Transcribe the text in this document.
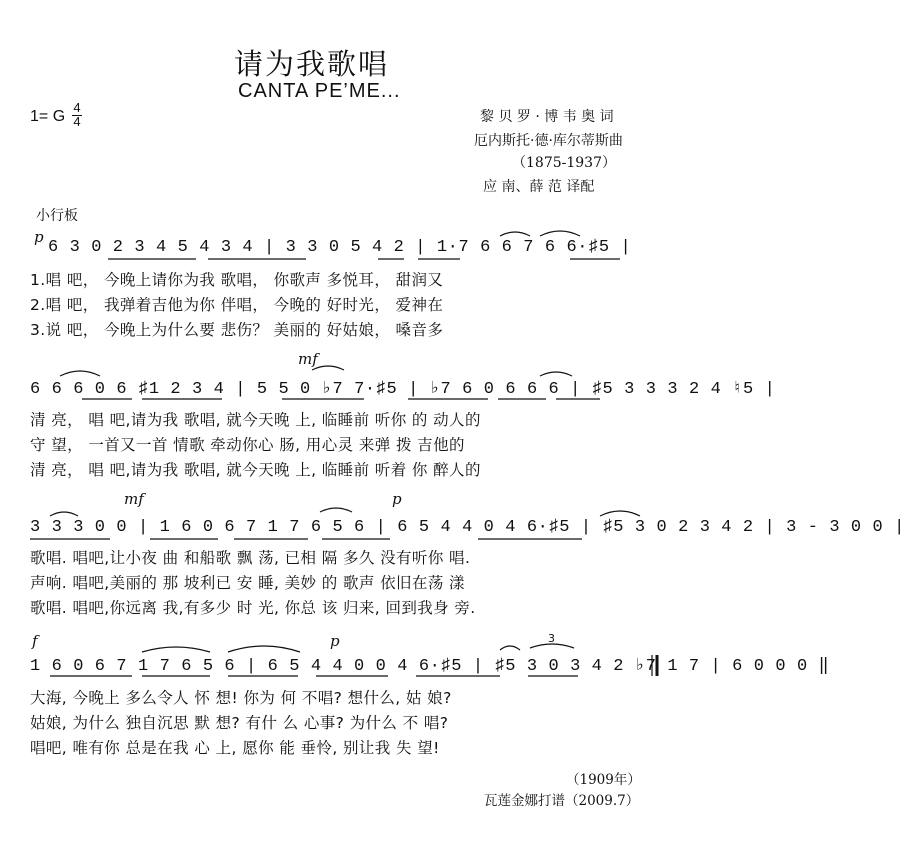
请为我歌唱
CANTA PE’ME...
1= G
4
4	黎 贝 罗 · 博 韦 奥 词
厄内斯托·德·库尔蒂斯曲
（1875-1937）
应 南、薛 范 译配
小行板
p
6 3 0 2 3 4 5 4 3 4 | 3 3 0 5 4 2 | 1·7 6 6 7 6 6·♯5 |
1.唱 吧， 今晚上请你为我 歌唱， 你歌声 多悦耳， 甜润又
2.唱 吧， 我弹着吉他为你 伴唱， 今晚的 好时光， 爱神在
3.说 吧， 今晚上为什么要 悲伤？ 美丽的 好姑娘， 嗓音多
mf
6 6 6 0 6 ♯1 2 3 4 | 5 5 0 ♭7 7·♯5 | ♭7 6 0 6 6 6 | ♯5 3 3 3 2 4 ♮5 |
清 亮， 唱 吧,请为我 歌唱, 就今天晚 上, 临睡前 听你 的 动人的
守 望， 一首又一首 情歌 牵动你心 肠, 用心灵 来弹 拨 吉他的
清 亮， 唱 吧,请为我 歌唱, 就今天晚 上, 临睡前 听着 你 醉人的
mf	p
3 3 3 0 0 | 1 6 0 6 7 1 7 6 5 6 | 6 5 4 4 0 4 6·♯5 | ♯5 3 0 2 3 4 2 | 3 - 3 0 0 |
歌唱. 唱吧,让小夜 曲 和船歌 飘 荡, 已相 隔 多久 没有听你 唱.
声响. 唱吧,美丽的 那 坡利已 安 睡, 美妙 的 歌声 依旧在荡 漾
歌唱. 唱吧,你远离 我,有多少 时 光, 你总 该 归来, 回到我身 旁.
f	p	3
1 6 0 6 7 1 7 6 5 6 | 6 5 4 4 0 0 4 6·♯5 | ♯5 3 0 3 4 2 ♭7 1 7 | 6 0 0 0 ‖
大海, 今晚上 多么令人 怀 想! 你为 何 不唱? 想什么, 姑 娘?
姑娘, 为什么 独自沉思 默 想? 有什 么 心事? 为什么 不 唱?
唱吧, 唯有你 总是在我 心 上, 愿你 能 垂怜, 别让我 失 望!
（1909年）
瓦莲金娜打谱（2009.7）
